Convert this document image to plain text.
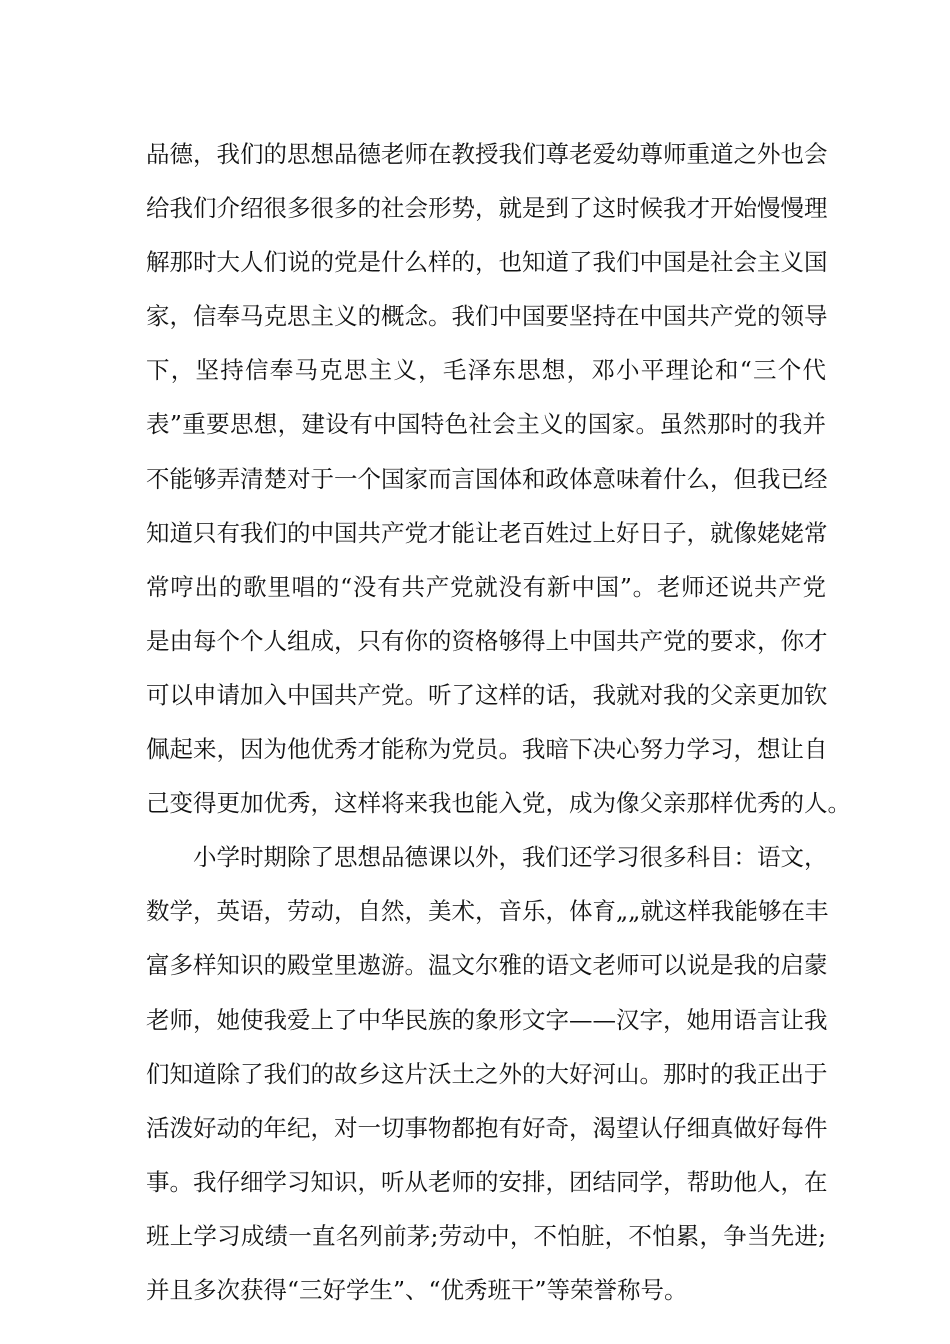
品德，我们的思想品德老师在教授我们尊老爱幼尊师重道之外也会
给我们介绍很多很多的社会形势，就是到了这时候我才开始慢慢理
解那时大人们说的党是什么样的，也知道了我们中国是社会主义国
家，信奉马克思主义的概念。我们中国要坚持在中国共产党的领导
下，坚持信奉马克思主义，毛泽东思想，邓小平理论和“三个代
表”重要思想，建设有中国特色社会主义的国家。虽然那时的我并
不能够弄清楚对于一个国家而言国体和政体意味着什么，但我已经
知道只有我们的中国共产党才能让老百姓过上好日子，就像姥姥常
常哼出的歌里唱的“没有共产党就没有新中国”。老师还说共产党
是由每个个人组成，只有你的资格够得上中国共产党的要求，你才
可以申请加入中国共产党。听了这样的话，我就对我的父亲更加钦
佩起来，因为他优秀才能称为党员。我暗下决心努力学习，想让自
己变得更加优秀，这样将来我也能入党，成为像父亲那样优秀的人。
小学时期除了思想品德课以外，我们还学习很多科目：语文，
数学，英语，劳动，自然，美术，音乐，体育„„就这样我能够在丰
富多样知识的殿堂里遨游。温文尔雅的语文老师可以说是我的启蒙
老师，她使我爱上了中华民族的象形文字——汉字，她用语言让我
们知道除了我们的故乡这片沃土之外的大好河山。那时的我正出于
活泼好动的年纪，对一切事物都抱有好奇，渴望认仔细真做好每件
事。我仔细学习知识，听从老师的安排，团结同学，帮助他人，在
班上学习成绩一直名列前茅;劳动中，不怕脏，不怕累，争当先进;
并且多次获得“三好学生”、“优秀班干”等荣誉称号。
